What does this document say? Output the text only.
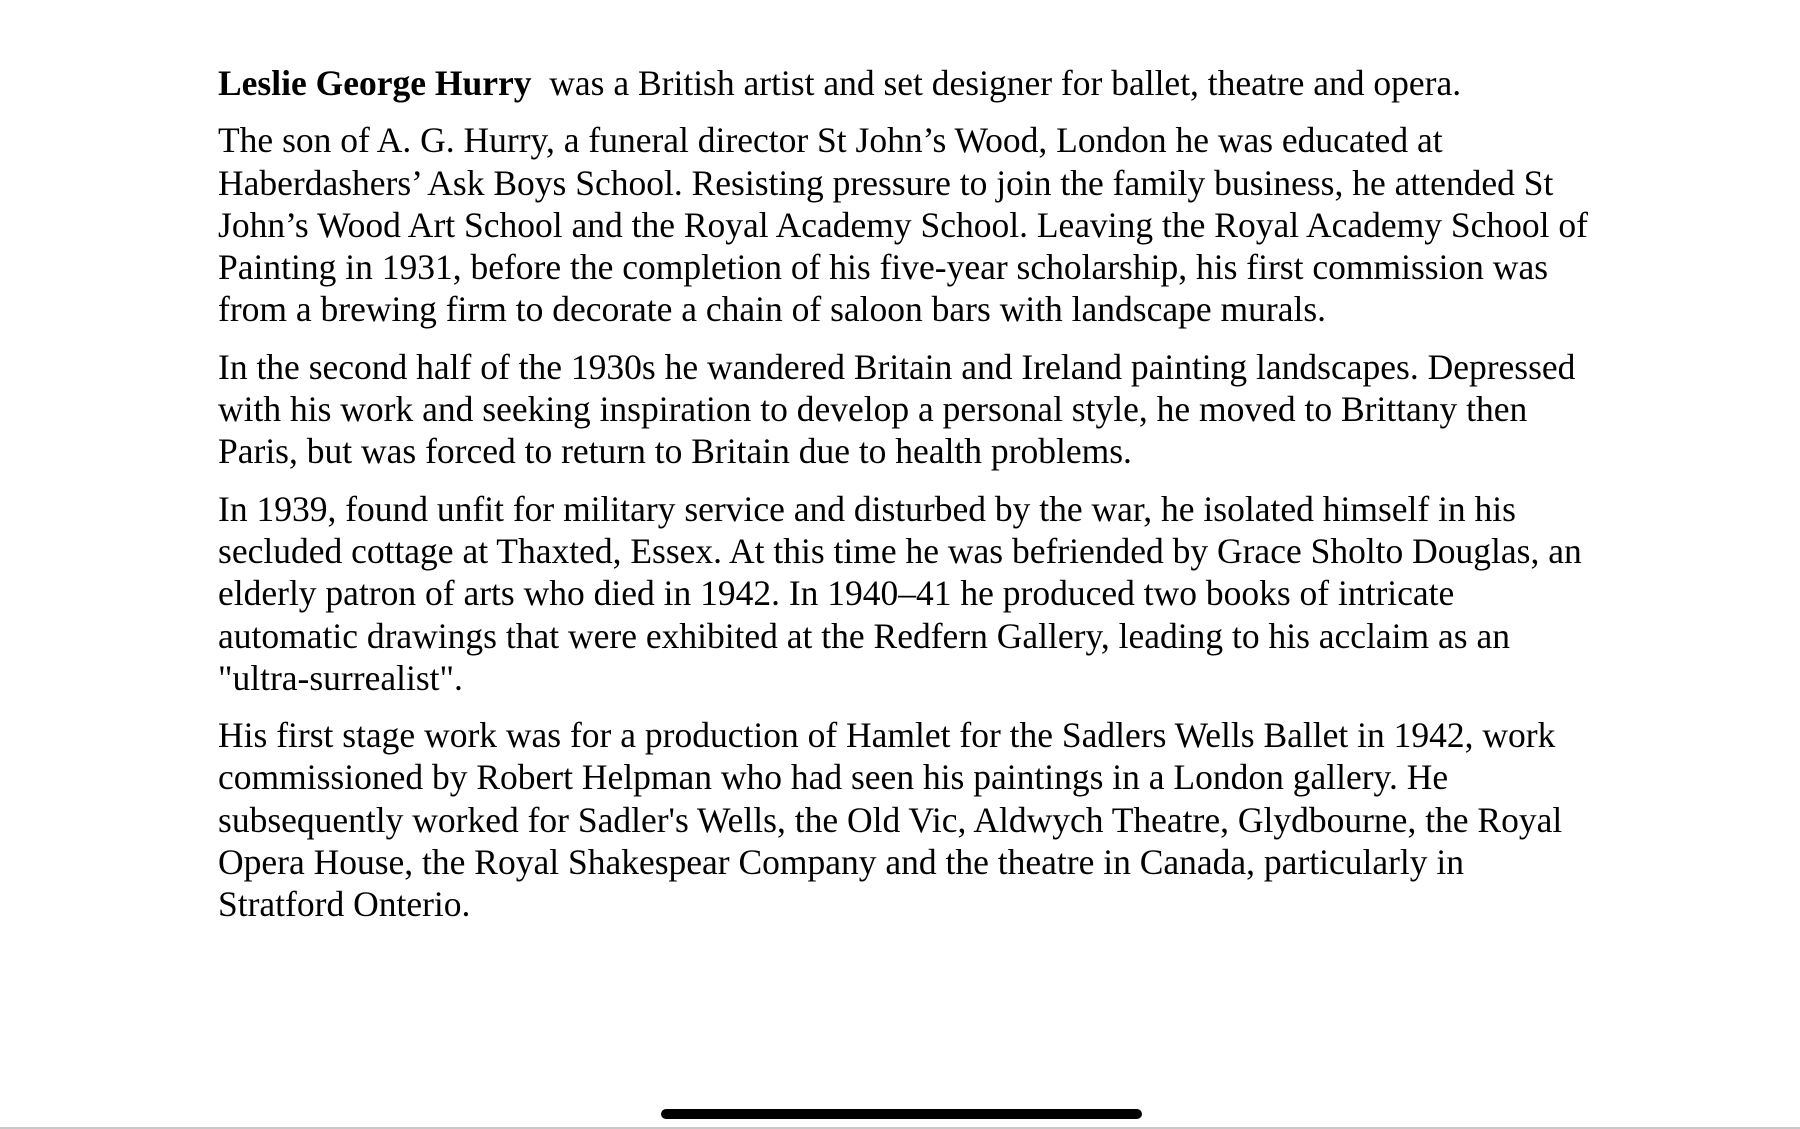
Leslie George Hurry  was a British artist and set designer for ballet, theatre and opera.

The son of A. G. Hurry, a funeral director St John’s Wood, London he was educated at Haberdashers’ Ask Boys School. Resisting pressure to join the family business, he attended St John’s Wood Art School and the Royal Academy School. Leaving the Royal Academy School of Painting in 1931, before the completion of his five-year scholarship, his first commission was from a brewing firm to decorate a chain of saloon bars with landscape murals.

In the second half of the 1930s he wandered Britain and Ireland painting landscapes. Depressed with his work and seeking inspiration to develop a personal style, he moved to Brittany then Paris, but was forced to return to Britain due to health problems.

In 1939, found unfit for military service and disturbed by the war, he isolated himself in his secluded cottage at Thaxted, Essex. At this time he was befriended by Grace Sholto Douglas, an elderly patron of arts who died in 1942. In 1940–41 he produced two books of intricate automatic drawings that were exhibited at the Redfern Gallery, leading to his acclaim as an "ultra-surrealist".

His first stage work was for a production of Hamlet for the Sadlers Wells Ballet in 1942, work commissioned by Robert Helpman who had seen his paintings in a London gallery. He subsequently worked for Sadler's Wells, the Old Vic, Aldwych Theatre, Glydbourne, the Royal Opera House, the Royal Shakespear Company and the theatre in Canada, particularly in Stratford Onterio.
